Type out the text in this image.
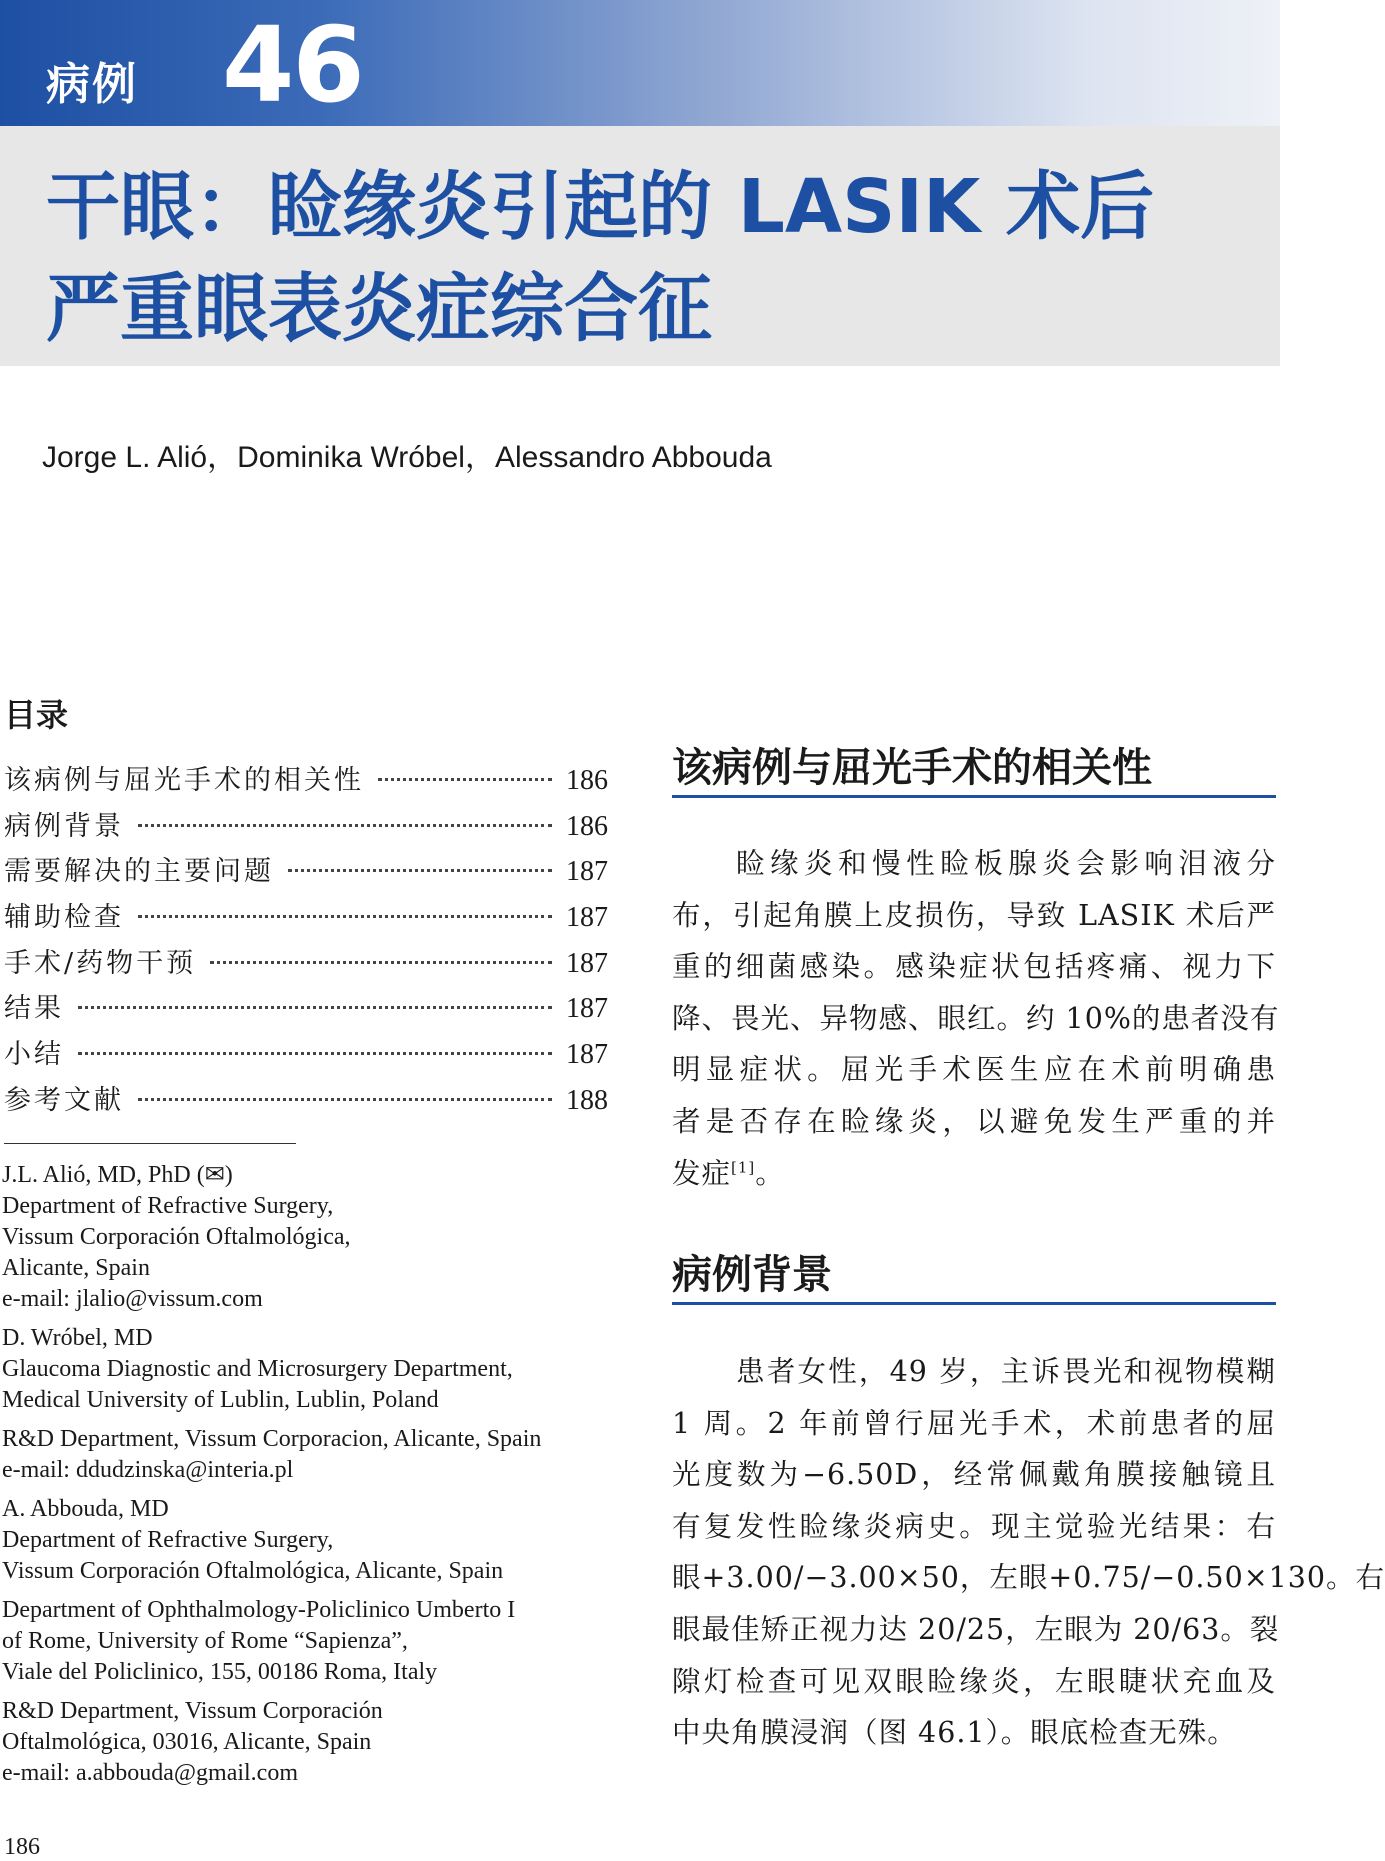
病例 46
干眼：睑缘炎引起的 LASIK 术后
严重眼表炎症综合征
Jorge L. Alió，Dominika Wróbel，Alessandro Abbouda
目录
该病例与屈光手术的相关性	186
病例背景	186
需要解决的主要问题	187
辅助检查	187
手术/药物干预	187
结果	187
小结	187
参考文献	188
J.L. Alió, MD, PhD (✉)
Department of Refractive Surgery,
Vissum Corporación Oftalmológica,
Alicante, Spain
e-mail: jlalio@vissum.com
D. Wróbel, MD
Glaucoma Diagnostic and Microsurgery Department,
Medical University of Lublin, Lublin, Poland
R&D Department, Vissum Corporacion, Alicante, Spain
e-mail: ddudzinska@interia.pl
A. Abbouda, MD
Department of Refractive Surgery,
Vissum Corporación Oftalmológica, Alicante, Spain
Department of Ophthalmology-Policlinico Umberto I
of Rome, University of Rome “Sapienza”,
Viale del Policlinico, 155, 00186 Roma, Italy
R&D Department, Vissum Corporación
Oftalmológica, 03016, Alicante, Spain
e-mail: a.abbouda@gmail.com
该病例与屈光手术的相关性
睑缘炎和慢性睑板腺炎会影响泪液分
布，引起角膜上皮损伤，导致 LASIK 术后严
重的细菌感染。感染症状包括疼痛、视力下
降、畏光、异物感、眼红。约 10%的患者没有
明显症状。屈光手术医生应在术前明确患
者是否存在睑缘炎，以避免发生严重的并
发症[1]。
病例背景
患者女性，49 岁，主诉畏光和视物模糊
1 周。2 年前曾行屈光手术，术前患者的屈
光度数为−6.50D，经常佩戴角膜接触镜且
有复发性睑缘炎病史。现主觉验光结果：右
眼+3.00/−3.00×50，左眼+0.75/−0.50×130。右
眼最佳矫正视力达 20/25，左眼为 20/63。裂
隙灯检查可见双眼睑缘炎，左眼睫状充血及
中央角膜浸润（图 46.1）。眼底检查无殊。
186
